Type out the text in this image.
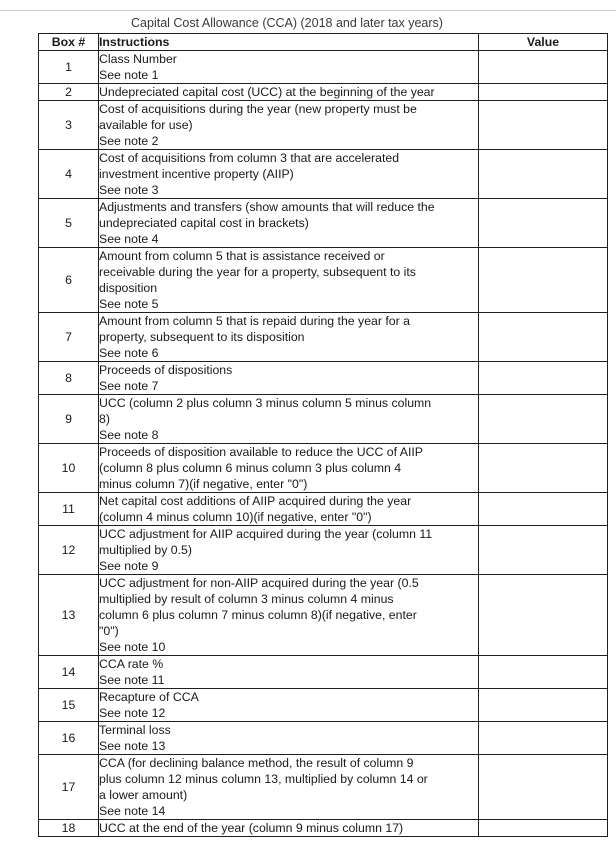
Capital Cost Allowance (CCA) (2018 and later tax years)
Box #	Instructions	Value
1	Class Number
See note 1	
2	Undepreciated capital cost (UCC) at the beginning of the year	
3	Cost of acquisitions during the year (new property must be
available for use)
See note 2	
4	Cost of acquisitions from column 3 that are accelerated
investment incentive property (AIIP)
See note 3	
5	Adjustments and transfers (show amounts that will reduce the
undepreciated capital cost in brackets)
See note 4	
6	Amount from column 5 that is assistance received or
receivable during the year for a property, subsequent to its
disposition
See note 5	
7	Amount from column 5 that is repaid during the year for a
property, subsequent to its disposition
See note 6	
8	Proceeds of dispositions
See note 7	
9	UCC (column 2 plus column 3 minus column 5 minus column
8)
See note 8	
10	Proceeds of disposition available to reduce the UCC of AIIP
(column 8 plus column 6 minus column 3 plus column 4
minus column 7)(if negative, enter "0")	
11	Net capital cost additions of AIIP acquired during the year
(column 4 minus column 10)(if negative, enter "0")	
12	UCC adjustment for AIIP acquired during the year (column 11
multiplied by 0.5)
See note 9	
13	UCC adjustment for non-AIIP acquired during the year (0.5
multiplied by result of column 3 minus column 4 minus
column 6 plus column 7 minus column 8)(if negative, enter
"0")
See note 10	
14	CCA rate %
See note 11	
15	Recapture of CCA
See note 12	
16	Terminal loss
See note 13	
17	CCA (for declining balance method, the result of column 9
plus column 12 minus column 13, multiplied by column 14 or
a lower amount)
See note 14	
18	UCC at the end of the year (column 9 minus column 17)	
